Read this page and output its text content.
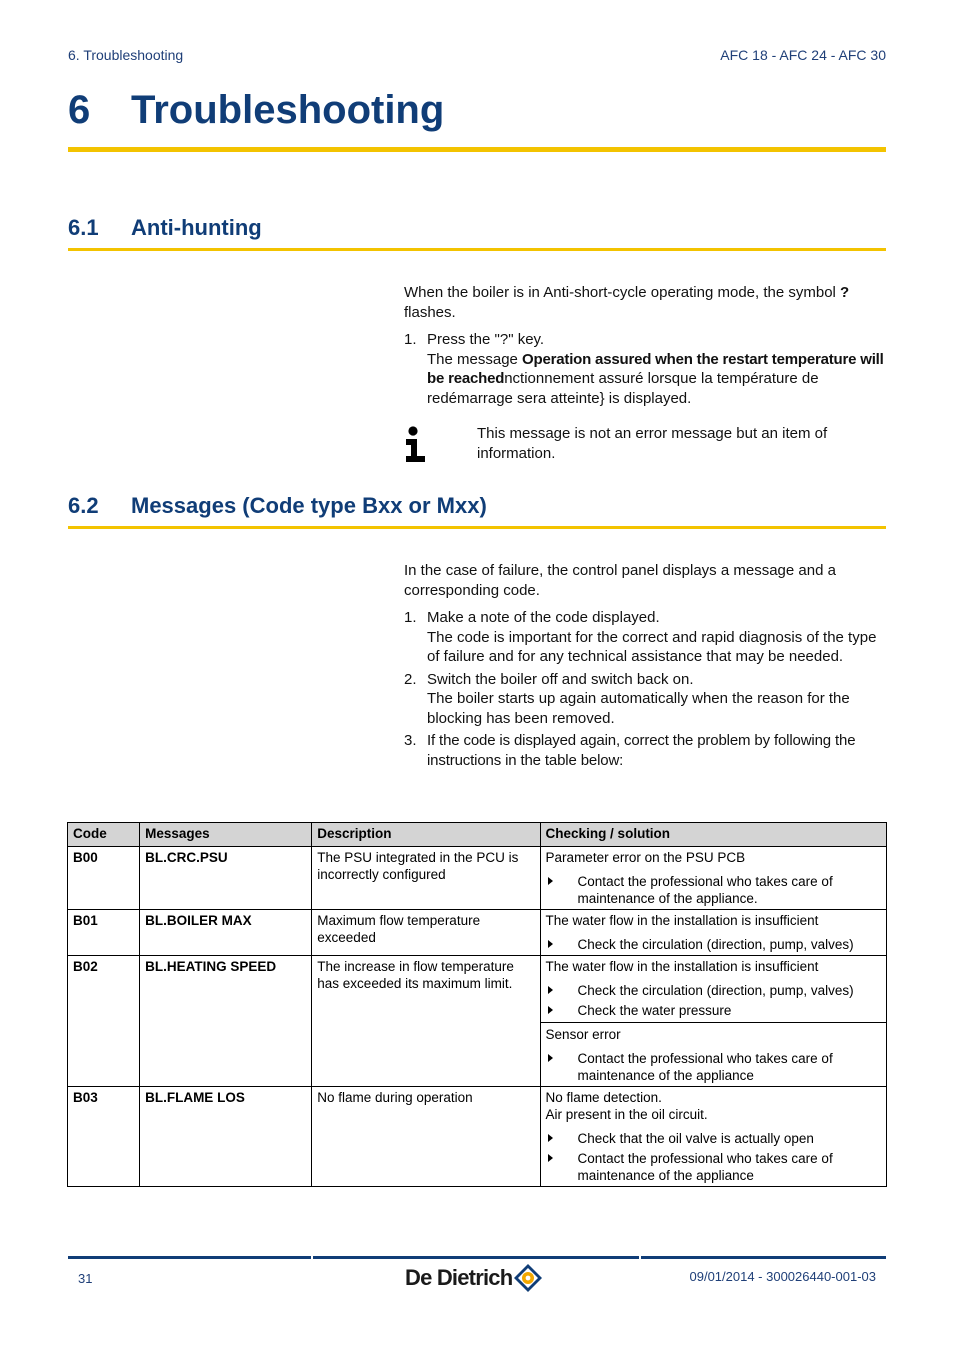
6. Troubleshooting	AFC 18 - AFC 24 - AFC 30
6 Troubleshooting
6.1 Anti-hunting

When the boiler is in Anti-short-cycle operating mode, the symbol ? flashes.

1. Press the "?" key.
The message Operation assured when the restart temperature will be reachednctionnement assuré lorsque la température de redémarrage sera atteinte} is displayed.
This message is not an error message but an item of information.
6.2 Messages (Code type Bxx or Mxx)

In the case of failure, the control panel displays a message and a corresponding code.

1. Make a note of the code displayed.
The code is important for the correct and rapid diagnosis of the type of failure and for any technical assistance that may be needed.
2. Switch the boiler off and switch back on.
The boiler starts up again automatically when the reason for the blocking has been removed.
3. If the code is displayed again, correct the problem by following the instructions in the table below:
Code	Messages	Description	Checking / solution
B00	BL.CRC.PSU	The PSU integrated in the PCU is incorrectly configured	Parameter error on the PSU PCB
Contact the professional who takes care of maintenance of the appliance.

B01	BL.BOILER MAX	Maximum flow temperature exceeded	The water flow in the installation is insufficient
Check the circulation (direction, pump, valves)

B02	BL.HEATING SPEED	The increase in flow temperature has exceeded its maximum limit.	The water flow in the installation is insufficient
Check the circulation (direction, pump, valves)
Check the water pressure
Sensor error
Contact the professional who takes care of maintenance of the appliance

B03	BL.FLAME LOS	No flame during operation	No flame detection.
Air present in the oil circuit.
Check that the oil valve is actually open
Contact the professional who takes care of maintenance of the appliance
31	De Dietrich	09/01/2014 - 300026440-001-03
